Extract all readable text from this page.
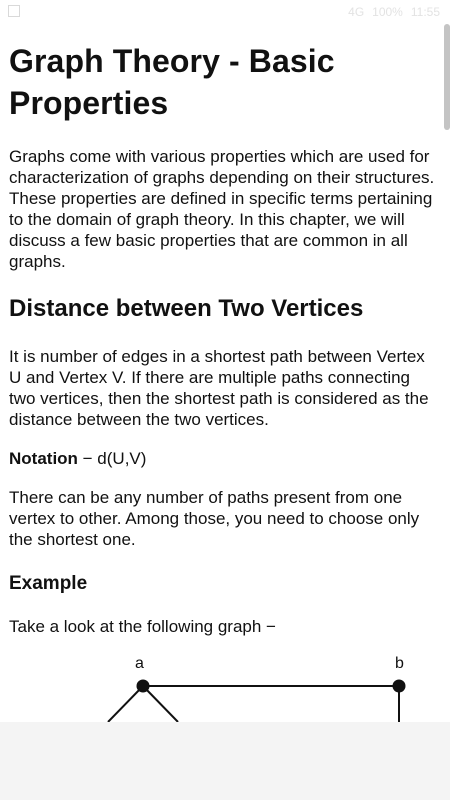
4G 100% 11:55
Graph Theory - Basic Properties

Graphs come with various properties which are used for characterization of graphs depending on their structures. These properties are defined in specific terms pertaining to the domain of graph theory. In this chapter, we will discuss a few basic properties that are common in all graphs.

Distance between Two Vertices

It is number of edges in a shortest path between Vertex U and Vertex V. If there are multiple paths connecting two vertices, then the shortest path is considered as the distance between the two vertices.

Notation − d(U,V)

There can be any number of paths present from one vertex to other. Among those, you need to choose only the shortest one.

Example

Take a look at the following graph −

a	b
